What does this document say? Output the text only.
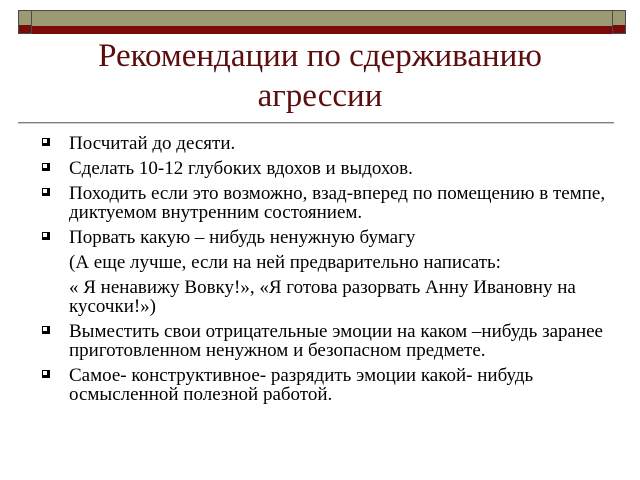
Рекомендации по сдерживанию агрессии
Посчитай до десяти.
Сделать 10-12 глубоких вдохов и выдохов.
Походить если это возможно, взад-вперед по помещению в темпе, диктуемом внутренним состоянием.
Порвать какую – нибудь ненужную бумагу
(А еще лучше, если на ней предварительно написать:
« Я ненавижу Вовку!», «Я готова разорвать Анну Ивановну на кусочки!»)
Выместить свои отрицательные эмоции на каком –нибудь заранее приготовленном ненужном и безопасном предмете.
Самое- конструктивное- разрядить эмоции какой- нибудь осмысленной полезной работой.
